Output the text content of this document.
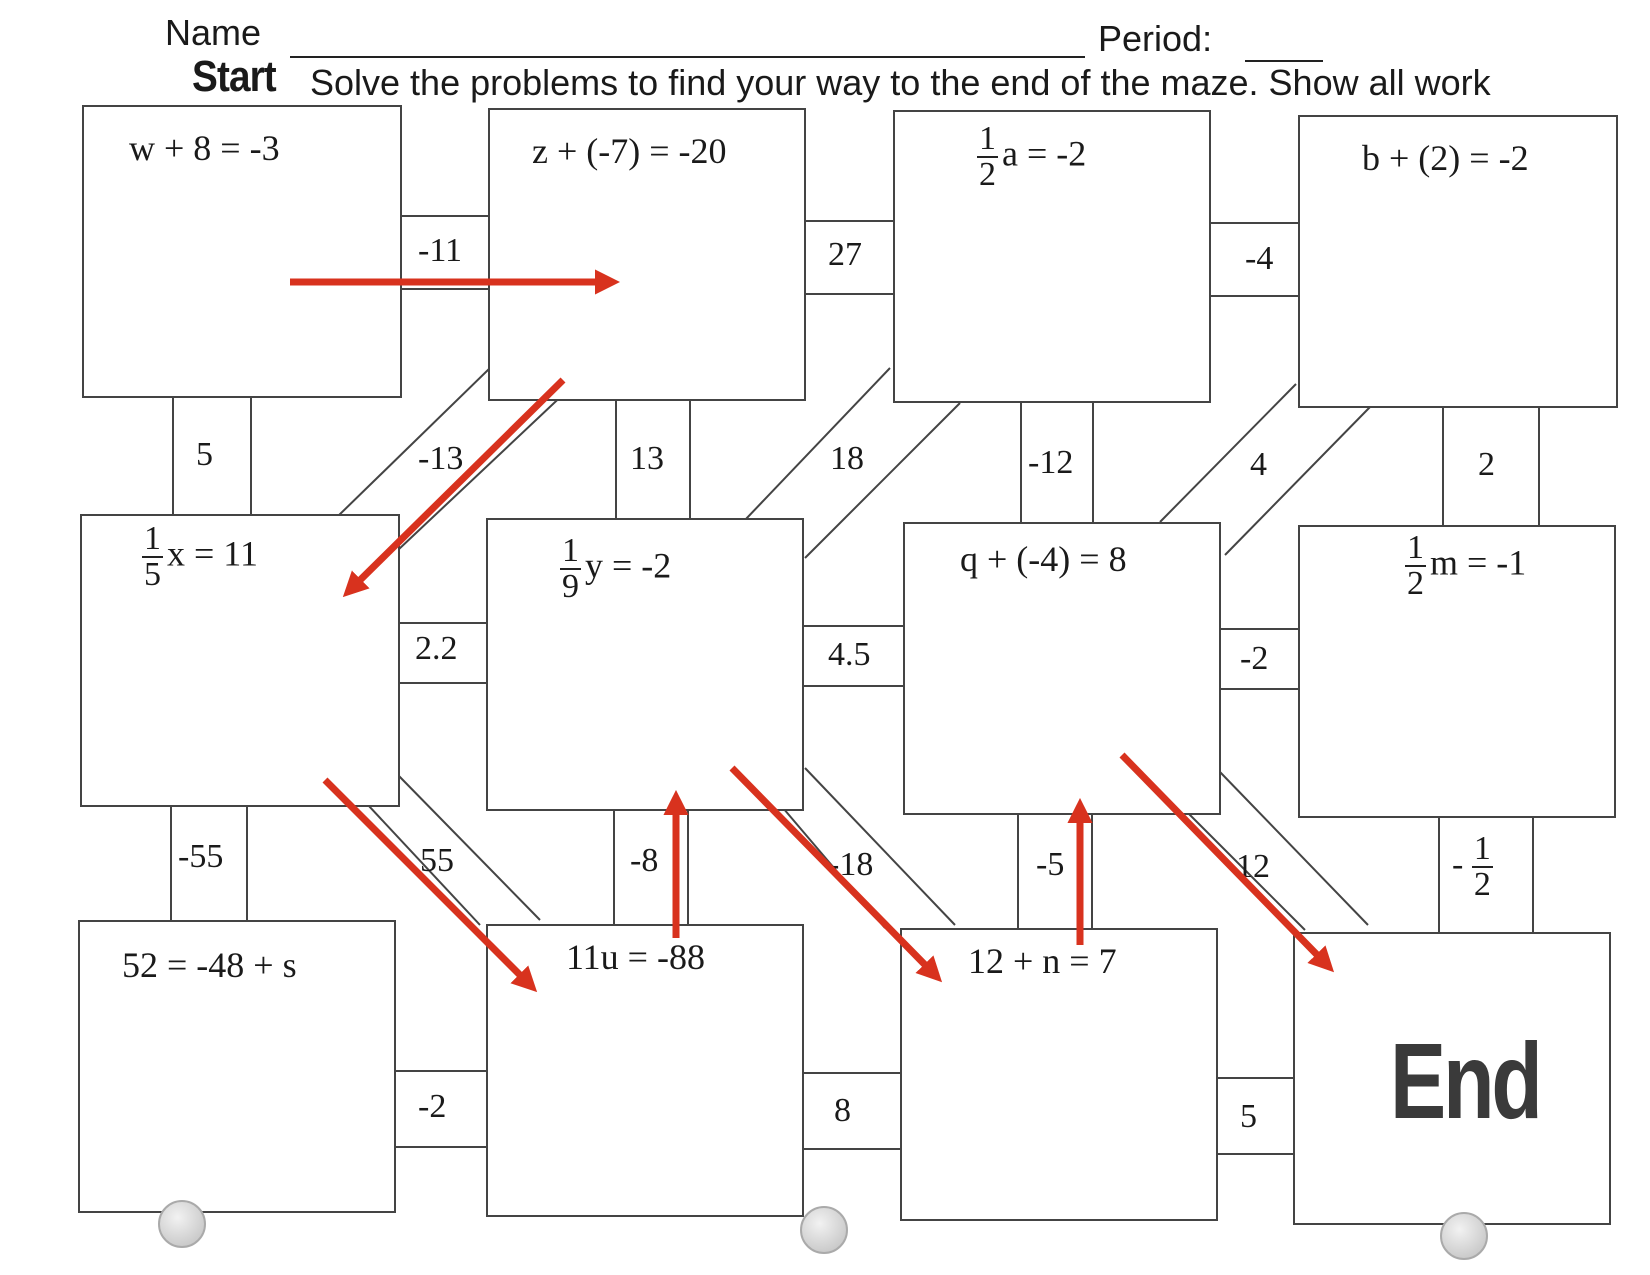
Name	Period:
Start Solve the problems to find your way to the end of the maze. Show all work
w + 8 = -3	z + (-7) = -20	$\frac{1}{2}$ a = -2	b + (2) = -2
$\frac{1}{5}$ x = 11	$\frac{1}{9}$ y = -2	q + (-4) = 8	$\frac{1}{2}$ m = -1
52 = -48 + s	11u = -88	12 + n = 7
End
-11	27	-4
5	-13	13	18	-12	4	2
2.2	4.5	-2
-55	55	-8	-18	-5	12	- $\frac{1}{2}$
-2	8	5
